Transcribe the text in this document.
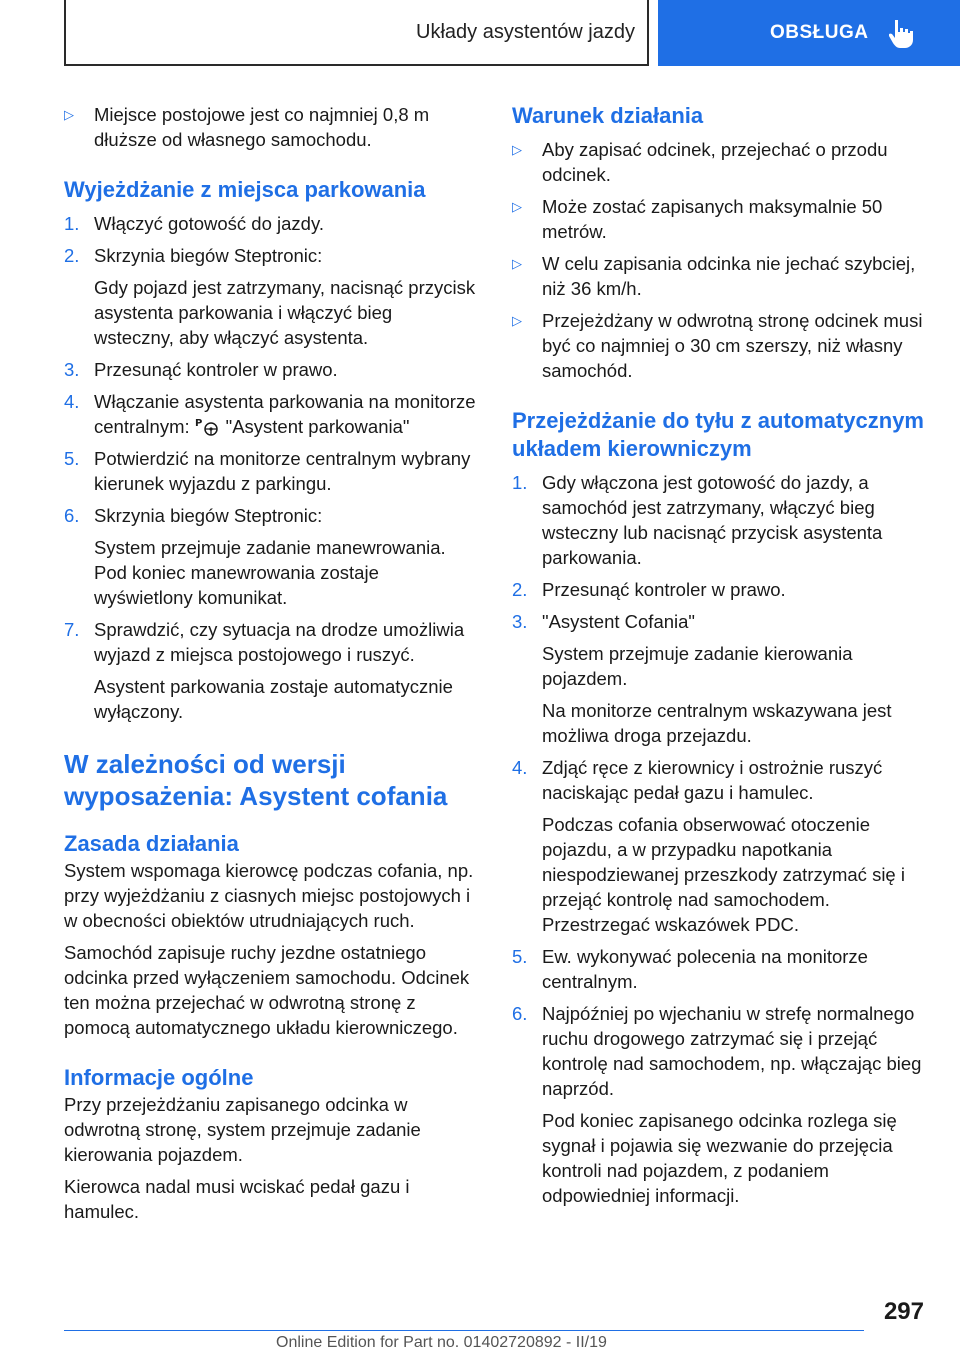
Układy asystentów jazdy	OBSŁUGA
▷	Miejsce postojowe jest co najmniej 0,8 m dłuższe od własnego samochodu.
Wyjeżdżanie z miejsca parkowania
1. Włączyć gotowość do jazdy.
2. Skrzynia biegów Steptronic:
Gdy pojazd jest zatrzymany, nacisnąć przycisk asystenta parkowania i włączyć bieg wsteczny, aby włączyć asystenta.
3. Przesunąć kontroler w prawo.
4. Włączanie asystenta parkowania na monitorze centralnym: P "Asystent parkowania"
5. Potwierdzić na monitorze centralnym wybrany kierunek wyjazdu z parkingu.
6. Skrzynia biegów Steptronic:
System przejmuje zadanie manewrowania. Pod koniec manewrowania zostaje wyświetlony komunikat.
7. Sprawdzić, czy sytuacja na drodze umożliwia wyjazd z miejsca postojowego i ruszyć.
Asystent parkowania zostaje automatycznie wyłączony.
W zależności od wersji wyposażenia: Asystent cofania
Zasada działania

System wspomaga kierowcę podczas cofania, np. przy wyjeżdżaniu z ciasnych miejsc postojowych i w obecności obiektów utrudniających ruch.

Samochód zapisuje ruchy jezdne ostatniego odcinka przed wyłączeniem samochodu. Odcinek ten można przejechać w odwrotną stronę z pomocą automatycznego układu kierowniczego.

Informacje ogólne

Przy przejeżdżaniu zapisanego odcinka w odwrotną stronę, system przejmuje zadanie kierowania pojazdem.

Kierowca nadal musi wciskać pedał gazu i hamulec.

Warunek działania
▷	Aby zapisać odcinek, przejechać o przodu odcinek.
▷	Może zostać zapisanych maksymalnie 50 metrów.
▷	W celu zapisania odcinka nie jechać szybciej, niż 36 km/h.
▷	Przejeżdżany w odwrotną stronę odcinek musi być co najmniej o 30 cm szerszy, niż własny samochód.
Przejeżdżanie do tyłu z automatycznym układem kierowniczym
1. Gdy włączona jest gotowość do jazdy, a samochód jest zatrzymany, włączyć bieg wsteczny lub nacisnąć przycisk asystenta parkowania.
2. Przesunąć kontroler w prawo.
3. "Asystent Cofania"
System przejmuje zadanie kierowania pojazdem.
Na monitorze centralnym wskazywana jest możliwa droga przejazdu.
4. Zdjąć ręce z kierownicy i ostrożnie ruszyć naciskając pedał gazu i hamulec.
Podczas cofania obserwować otoczenie pojazdu, a w przypadku napotkania niespodziewanej przeszkody zatrzymać się i przejąć kontrolę nad samochodem. Przestrzegać wskazówek PDC.
5. Ew. wykonywać polecenia na monitorze centralnym.
6. Najpóźniej po wjechaniu w strefę normalnego ruchu drogowego zatrzymać się i przejąć kontrolę nad samochodem, np. włączając bieg naprzód.
Pod koniec zapisanego odcinka rozlega się sygnał i pojawia się wezwanie do przejęcia kontroli nad pojazdem, z podaniem odpowiedniej informacji.
297
Online Edition for Part no. 01402720892 - II/19
